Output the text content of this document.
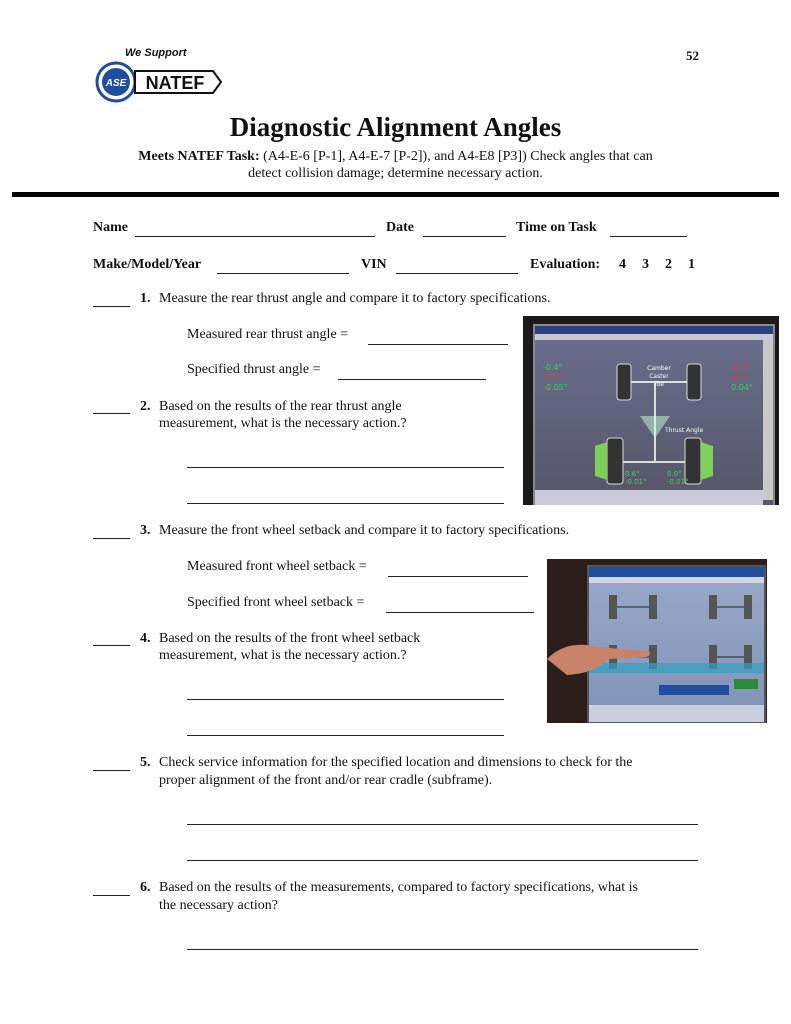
We Support
ASE NATEF
52
Diagnostic Alignment Angles
Meets NATEF Task: (A4-E-6 [P-1], A4-E-7 [P-2]), and A4-E8 [P3]) Check angles that can
detect collision damage; determine necessary action.
Name	Date	Time on Task
Make/Model/Year	VIN	Evaluation: 4 3 2 1
1. Measure the rear thrust angle and compare it to factory specifications.
Measured rear thrust angle =
Specified thrust angle =
2. Based on the results of the rear thrust angle
measurement, what is the necessary action.?
-0.4°
-0.1°
-0.05°
-0.3°
-0.1°
0.04°
Camber
Caster
Toe
Thrust Angle
0.6°
-0.01°
0.0°
-0.01°
3. Measure the front wheel setback and compare it to factory specifications.
Measured front wheel setback =
Specified front wheel setback =
4. Based on the results of the front wheel setback
measurement, what is the necessary action.?
5. Check service information for the specified location and dimensions to check for the
proper alignment of the front and/or rear cradle (subframe).
6. Based on the results of the measurements, compared to factory specifications, what is
the necessary action?
